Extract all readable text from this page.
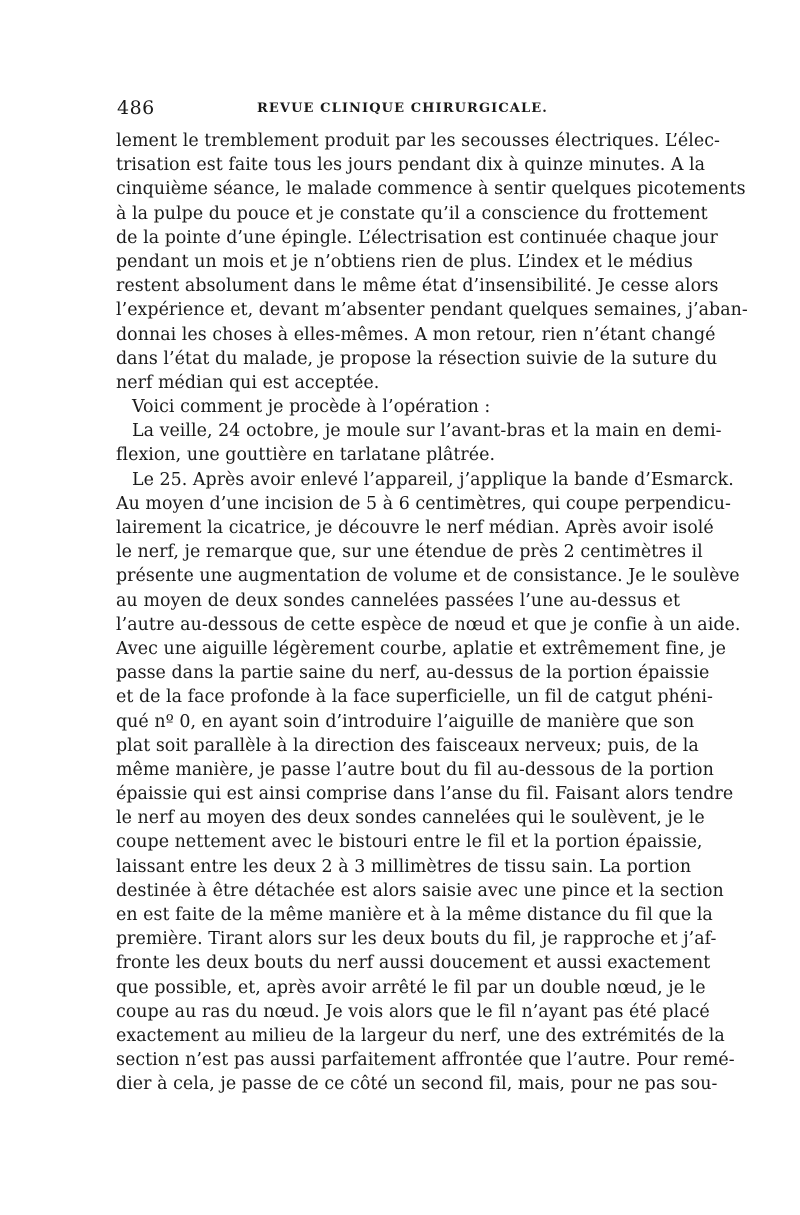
486	REVUE CLINIQUE CHIRURGICALE.
lement le tremblement produit par les secousses électriques. L’élec-
trisation est faite tous les jours pendant dix à quinze minutes. A la
cinquième séance, le malade commence à sentir quelques picotements
à la pulpe du pouce et je constate qu’il a conscience du frottement
de la pointe d’une épingle. L’électrisation est continuée chaque jour
pendant un mois et je n’obtiens rien de plus. L’index et le médius
restent absolument dans le même état d’insensibilité. Je cesse alors
l’expérience et, devant m’absenter pendant quelques semaines, j’aban-
donnai les choses à elles-mêmes. A mon retour, rien n’étant changé
dans l’état du malade, je propose la résection suivie de la suture du
nerf médian qui est acceptée.
Voici comment je procède à l’opération :
La veille, 24 octobre, je moule sur l’avant-bras et la main en demi-
flexion, une gouttière en tarlatane plâtrée.
Le 25. Après avoir enlevé l’appareil, j’applique la bande d’Esmarck.
Au moyen d’une incision de 5 à 6 centimètres, qui coupe perpendicu-
lairement la cicatrice, je découvre le nerf médian. Après avoir isolé
le nerf, je remarque que, sur une étendue de près 2 centimètres il
présente une augmentation de volume et de consistance. Je le soulève
au moyen de deux sondes cannelées passées l’une au-dessus et
l’autre au-dessous de cette espèce de nœud et que je confie à un aide.
Avec une aiguille légèrement courbe, aplatie et extrêmement fine, je
passe dans la partie saine du nerf, au-dessus de la portion épaissie
et de la face profonde à la face superficielle, un fil de catgut phéni-
qué nº 0, en ayant soin d’introduire l’aiguille de manière que son
plat soit parallèle à la direction des faisceaux nerveux; puis, de la
même manière, je passe l’autre bout du fil au-dessous de la portion
épaissie qui est ainsi comprise dans l’anse du fil. Faisant alors tendre
le nerf au moyen des deux sondes cannelées qui le soulèvent, je le
coupe nettement avec le bistouri entre le fil et la portion épaissie,
laissant entre les deux 2 à 3 millimètres de tissu sain. La portion
destinée à être détachée est alors saisie avec une pince et la section
en est faite de la même manière et à la même distance du fil que la
première. Tirant alors sur les deux bouts du fil, je rapproche et j’af-
fronte les deux bouts du nerf aussi doucement et aussi exactement
que possible, et, après avoir arrêté le fil par un double nœud, je le
coupe au ras du nœud. Je vois alors que le fil n’ayant pas été placé
exactement au milieu de la largeur du nerf, une des extrémités de la
section n’est pas aussi parfaitement affrontée que l’autre. Pour remé-
dier à cela, je passe de ce côté un second fil, mais, pour ne pas sou-
